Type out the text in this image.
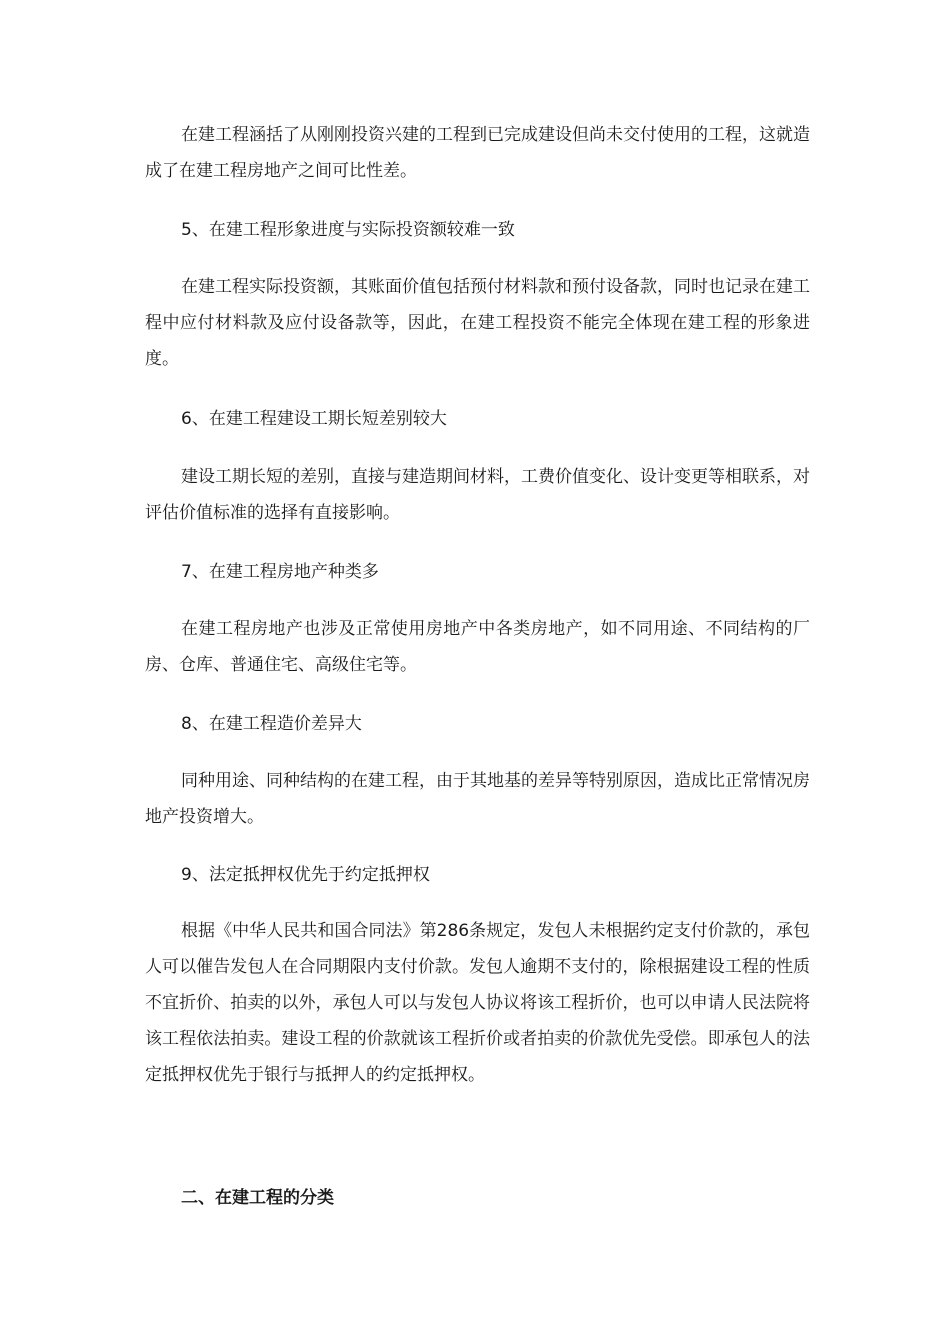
在建工程涵括了从刚刚投资兴建的工程到已完成建设但尚未交付使用的工程，这就造成了在建工程房地产之间可比性差。

5、在建工程形象进度与实际投资额较难一致

在建工程实际投资额，其账面价值包括预付材料款和预付设备款，同时也记录在建工程中应付材料款及应付设备款等，因此，在建工程投资不能完全体现在建工程的形象进度。

6、在建工程建设工期长短差别较大

建设工期长短的差别，直接与建造期间材料，工费价值变化、设计变更等相联系，对评估价值标准的选择有直接影响。

7、在建工程房地产种类多

在建工程房地产也涉及正常使用房地产中各类房地产，如不同用途、不同结构的厂房、仓库、普通住宅、高级住宅等。

8、在建工程造价差异大

同种用途、同种结构的在建工程，由于其地基的差异等特别原因，造成比正常情况房地产投资增大。

9、法定抵押权优先于约定抵押权

根据《中华人民共和国合同法》第286条规定，发包人未根据约定支付价款的，承包人可以催告发包人在合同期限内支付价款。发包人逾期不支付的，除根据建设工程的性质不宜折价、拍卖的以外，承包人可以与发包人协议将该工程折价，也可以申请人民法院将该工程依法拍卖。建设工程的价款就该工程折价或者拍卖的价款优先受偿。即承包人的法定抵押权优先于银行与抵押人的约定抵押权。

二、在建工程的分类
